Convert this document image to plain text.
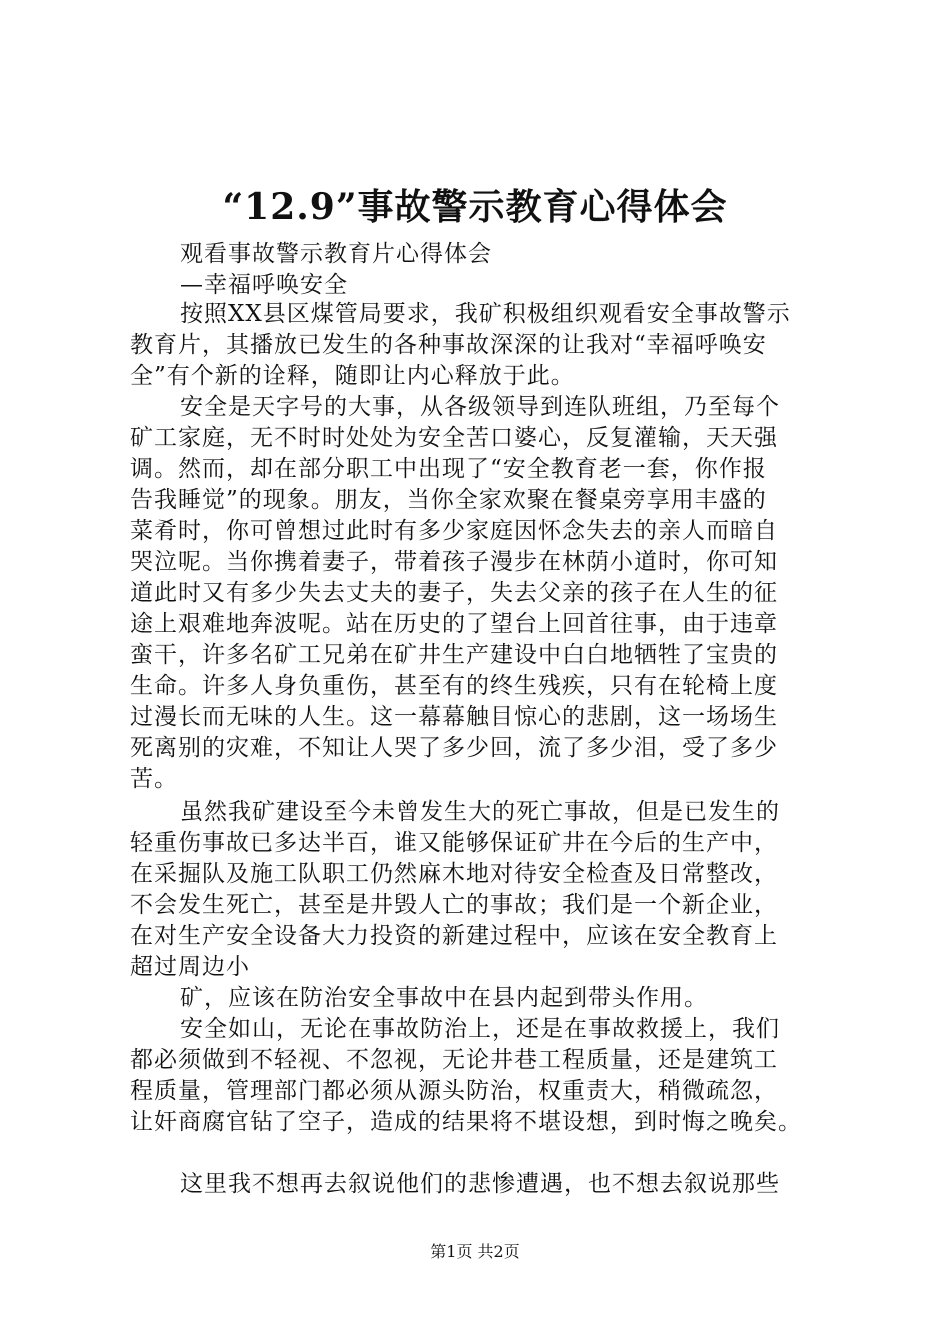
“12.9”事故警示教育心得体会
观看事故警示教育片心得体会
—幸福呼唤安全
按照XX县区煤管局要求，我矿积极组织观看安全事故警示
教育片，其播放已发生的各种事故深深的让我对“幸福呼唤安
全”有个新的诠释，随即让内心释放于此。
安全是天字号的大事，从各级领导到连队班组，乃至每个
矿工家庭，无不时时处处为安全苦口婆心，反复灌输，天天强
调。然而，却在部分职工中出现了“安全教育老一套，你作报
告我睡觉”的现象。朋友，当你全家欢聚在餐桌旁享用丰盛的
菜肴时，你可曾想过此时有多少家庭因怀念失去的亲人而暗自
哭泣呢。当你携着妻子，带着孩子漫步在林荫小道时，你可知
道此时又有多少失去丈夫的妻子，失去父亲的孩子在人生的征
途上艰难地奔波呢。站在历史的了望台上回首往事，由于违章
蛮干，许多名矿工兄弟在矿井生产建设中白白地牺牲了宝贵的
生命。许多人身负重伤，甚至有的终生残疾，只有在轮椅上度
过漫长而无味的人生。这一幕幕触目惊心的悲剧，这一场场生
死离别的灾难，不知让人哭了多少回，流了多少泪，受了多少
苦。
虽然我矿建设至今未曾发生大的死亡事故，但是已发生的
轻重伤事故已多达半百，谁又能够保证矿井在今后的生产中，
在采掘队及施工队职工仍然麻木地对待安全检查及日常整改，
不会发生死亡，甚至是井毁人亡的事故；我们是一个新企业，
在对生产安全设备大力投资的新建过程中，应该在安全教育上
超过周边小
矿，应该在防治安全事故中在县内起到带头作用。
安全如山，无论在事故防治上，还是在事故救援上，我们
都必须做到不轻视、不忽视，无论井巷工程质量，还是建筑工
程质量，管理部门都必须从源头防治，权重责大，稍微疏忽，
让奸商腐官钻了空子，造成的结果将不堪设想，到时悔之晚矣。
这里我不想再去叙说他们的悲惨遭遇，也不想去叙说那些
第1页 共2页
